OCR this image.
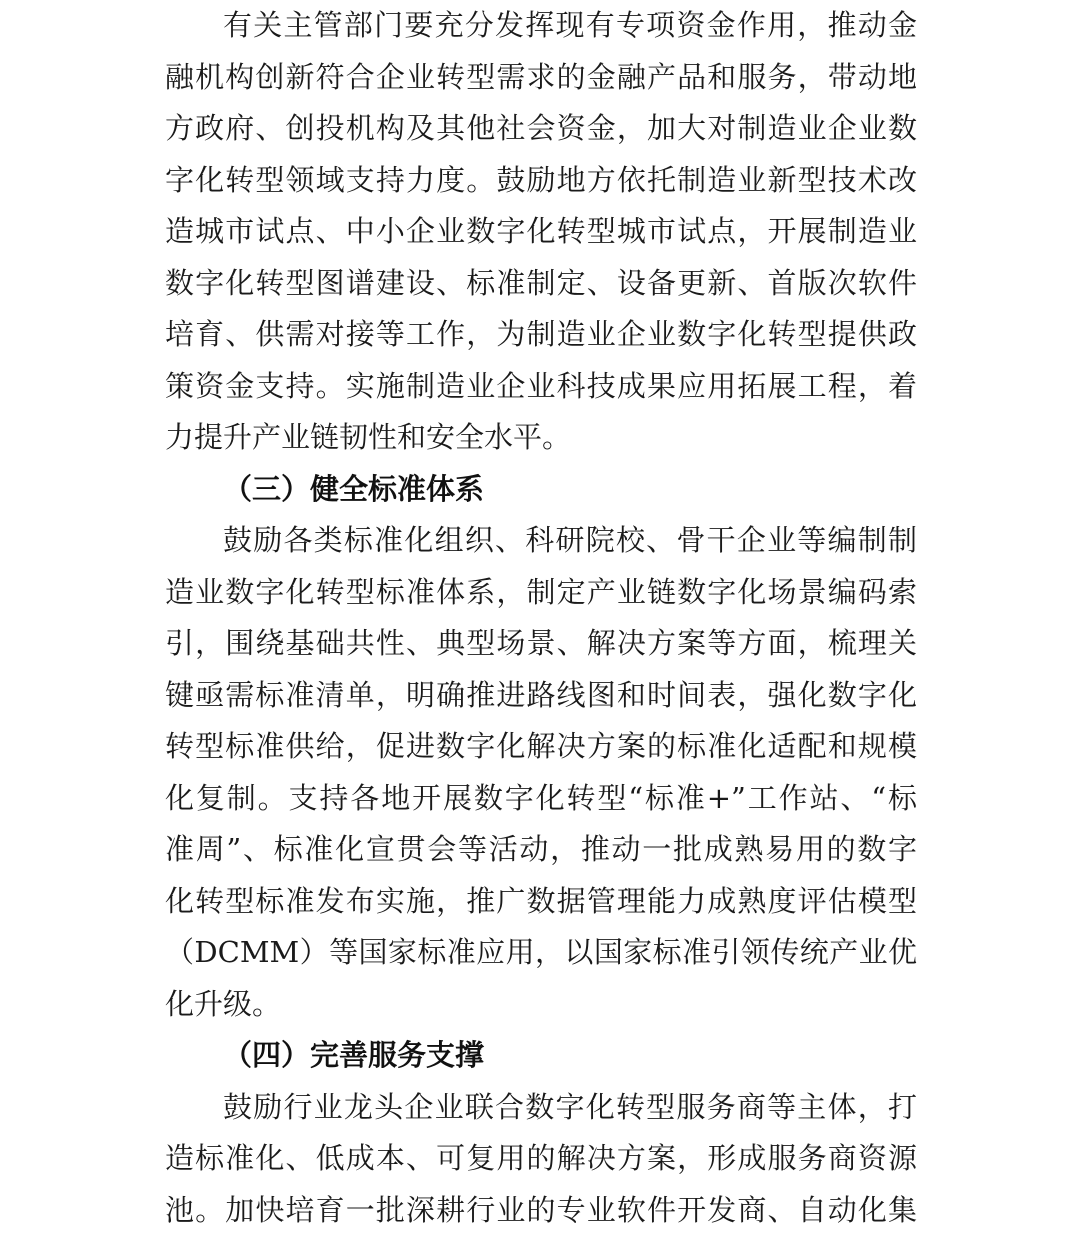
有关主管部门要充分发挥现有专项资金作用，推动金
融机构创新符合企业转型需求的金融产品和服务，带动地
方政府、创投机构及其他社会资金，加大对制造业企业数
字化转型领域支持力度。鼓励地方依托制造业新型技术改
造城市试点、中小企业数字化转型城市试点，开展制造业
数字化转型图谱建设、标准制定、设备更新、首版次软件
培育、供需对接等工作，为制造业企业数字化转型提供政
策资金支持。实施制造业企业科技成果应用拓展工程，着
力提升产业链韧性和安全水平。
（三）健全标准体系
鼓励各类标准化组织、科研院校、骨干企业等编制制
造业数字化转型标准体系，制定产业链数字化场景编码索
引，围绕基础共性、典型场景、解决方案等方面，梳理关
键亟需标准清单，明确推进路线图和时间表，强化数字化
转型标准供给，促进数字化解决方案的标准化适配和规模
化复制。支持各地开展数字化转型“标准+”工作站、“标
准周”、标准化宣贯会等活动，推动一批成熟易用的数字
化转型标准发布实施，推广数据管理能力成熟度评估模型
（DCMM）等国家标准应用，以国家标准引领传统产业优
化升级。
（四）完善服务支撑
鼓励行业龙头企业联合数字化转型服务商等主体，打
造标准化、低成本、可复用的解决方案，形成服务商资源
池。加快培育一批深耕行业的专业软件开发商、自动化集
